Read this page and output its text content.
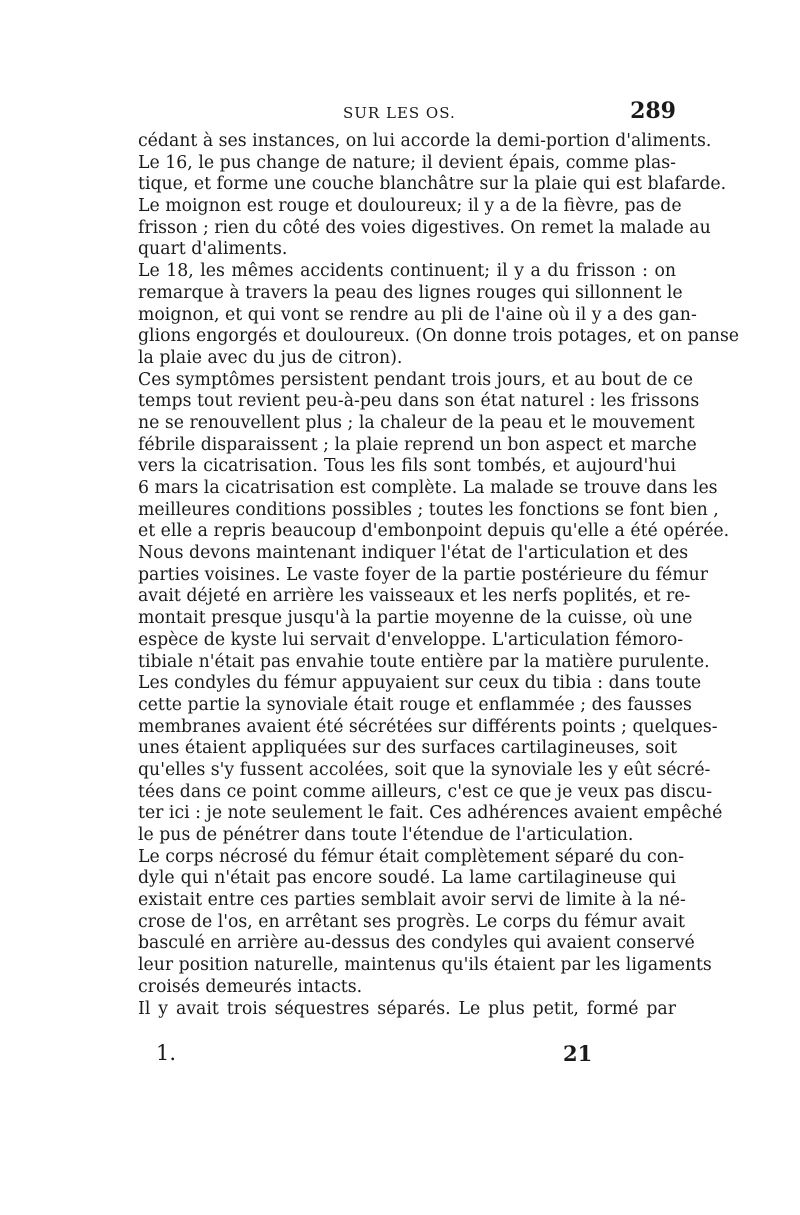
SUR LES OS.	289
cédant à ses instances, on lui accorde la demi-portion d'aliments.
Le 16, le pus change de nature; il devient épais, comme plas-
tique, et forme une couche blanchâtre sur la plaie qui est blafarde.
Le moignon est rouge et douloureux; il y a de la fièvre, pas de
frisson ; rien du côté des voies digestives. On remet la malade au
quart d'aliments.
Le 18, les mêmes accidents continuent; il y a du frisson : on
remarque à travers la peau des lignes rouges qui sillonnent le
moignon, et qui vont se rendre au pli de l'aine où il y a des gan-
glions engorgés et douloureux. (On donne trois potages, et on panse
la plaie avec du jus de citron).
Ces symptômes persistent pendant trois jours, et au bout de ce
temps tout revient peu-à-peu dans son état naturel : les frissons
ne se renouvellent plus ; la chaleur de la peau et le mouvement
fébrile disparaissent ; la plaie reprend un bon aspect et marche
vers la cicatrisation. Tous les fils sont tombés, et aujourd'hui
6 mars la cicatrisation est complète. La malade se trouve dans les
meilleures conditions possibles ; toutes les fonctions se font bien ,
et elle a repris beaucoup d'embonpoint depuis qu'elle a été opérée.
Nous devons maintenant indiquer l'état de l'articulation et des
parties voisines. Le vaste foyer de la partie postérieure du fémur
avait déjeté en arrière les vaisseaux et les nerfs poplités, et re-
montait presque jusqu'à la partie moyenne de la cuisse, où une
espèce de kyste lui servait d'enveloppe. L'articulation fémoro-
tibiale n'était pas envahie toute entière par la matière purulente.
Les condyles du fémur appuyaient sur ceux du tibia : dans toute
cette partie la synoviale était rouge et enflammée ; des fausses
membranes avaient été sécrétées sur différents points ; quelques-
unes étaient appliquées sur des surfaces cartilagineuses, soit
qu'elles s'y fussent accolées, soit que la synoviale les y eût sécré-
tées dans ce point comme ailleurs, c'est ce que je veux pas discu-
ter ici : je note seulement le fait. Ces adhérences avaient empêché
le pus de pénétrer dans toute l'étendue de l'articulation.
Le corps nécrosé du fémur était complètement séparé du con-
dyle qui n'était pas encore soudé. La lame cartilagineuse qui
existait entre ces parties semblait avoir servi de limite à la né-
crose de l'os, en arrêtant ses progrès. Le corps du fémur avait
basculé en arrière au-dessus des condyles qui avaient conservé
leur position naturelle, maintenus qu'ils étaient par les ligaments
croisés demeurés intacts.
Il y avait trois séquestres séparés. Le plus petit, formé par
1.	21
